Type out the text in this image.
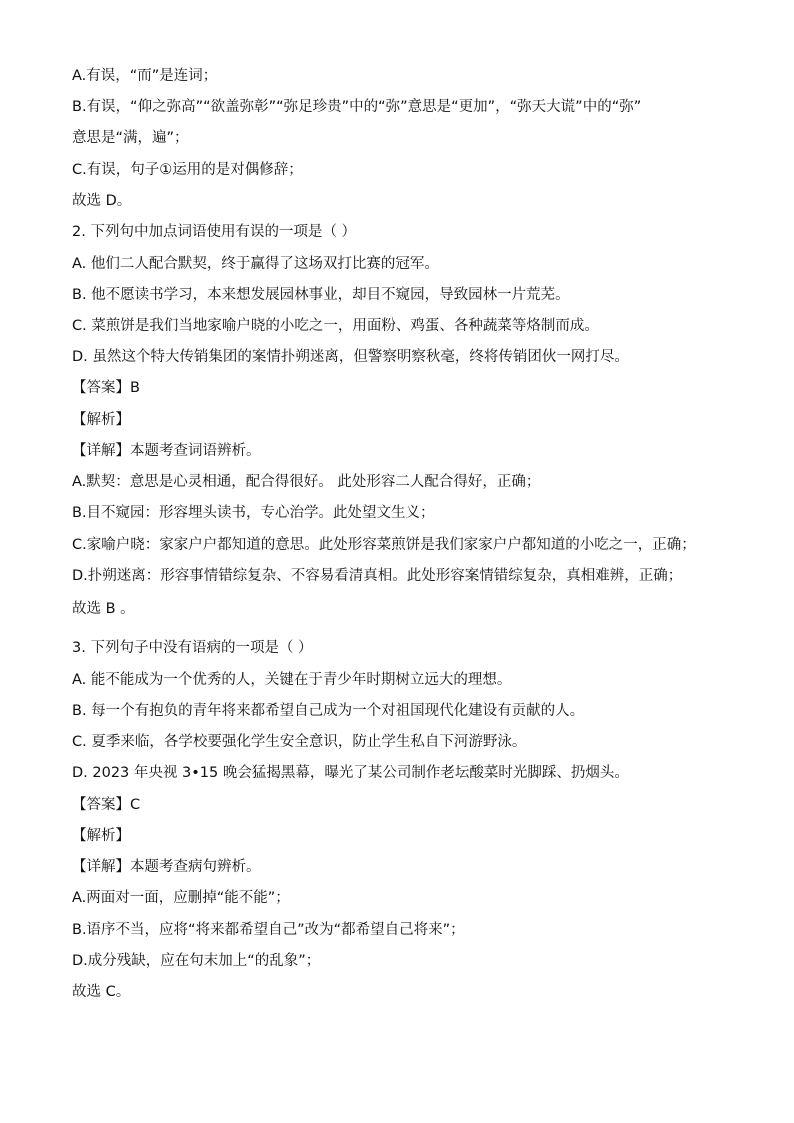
A.有误，“而”是连词；
B.有误，“仰之弥高”“欲盖弥彰”“弥足珍贵”中的“弥”意思是“更加”，“弥天大谎”中的“弥”
意思是“满，遍”；
C.有误，句子①运用的是对偶修辞；
故选 D。
2. 下列句中加点词语使用有误的一项是（ ）
A. 他们二人配合默契，终于赢得了这场双打比赛的冠军。
B. 他不愿读书学习，本来想发展园林事业，却目不窥园，导致园林一片荒芜。
C. 菜煎饼是我们当地家喻户晓的小吃之一，用面粉、鸡蛋、各种蔬菜等烙制而成。
D. 虽然这个特大传销集团的案情扑朔迷离，但警察明察秋毫，终将传销团伙一网打尽。
【答案】B
【解析】
【详解】本题考查词语辨析。
A.默契：意思是心灵相通，配合得很好。 此处形容二人配合得好，正确；
B.目不窥园：形容埋头读书，专心治学。此处望文生义；
C.家喻户晓：家家户户都知道的意思。此处形容菜煎饼是我们家家户户都知道的小吃之一，正确；
D.扑朔迷离：形容事情错综复杂、不容易看清真相。此处形容案情错综复杂，真相难辨，正确；
故选 B 。
3. 下列句子中没有语病的一项是（ ）
A. 能不能成为一个优秀的人，关键在于青少年时期树立远大的理想。
B. 每一个有抱负的青年将来都希望自己成为一个对祖国现代化建设有贡献的人。
C. 夏季来临，各学校要强化学生安全意识，防止学生私自下河游野泳。
D. 2023 年央视 3•15 晚会猛揭黑幕，曝光了某公司制作老坛酸菜时光脚踩、扔烟头。
【答案】C
【解析】
【详解】本题考查病句辨析。
A.两面对一面，应删掉“能不能”；
B.语序不当，应将“将来都希望自己”改为“都希望自己将来”；
D.成分残缺，应在句末加上“的乱象”；
故选 C。
